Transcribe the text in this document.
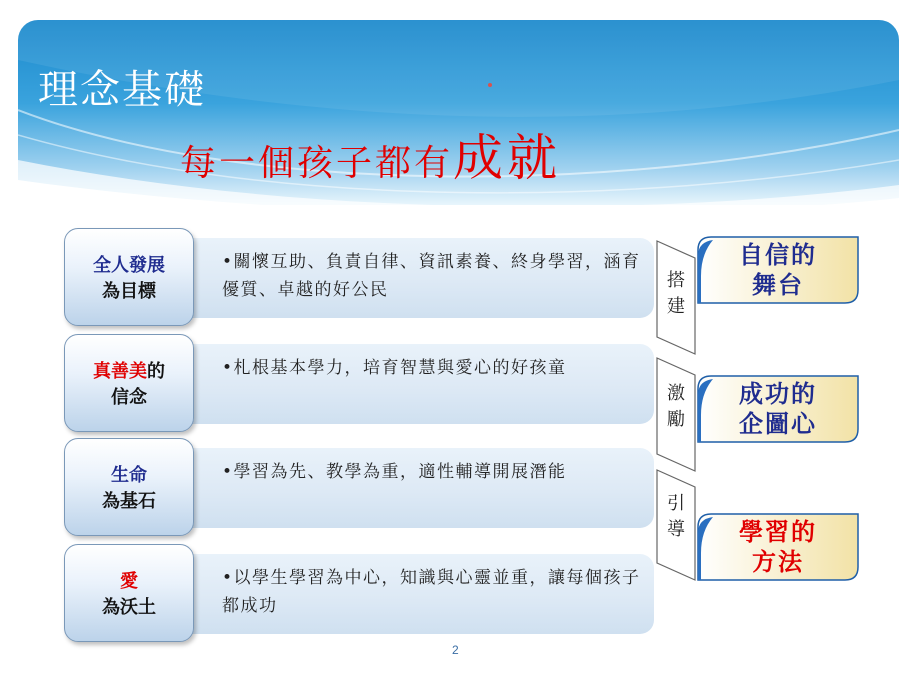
理念基礎
每一個孩子都有成就
•關懷互助、負責自律、資訊素養、終身學習，涵育優質、卓越的好公民
全人發展
為目標
•札根基本學力，培育智慧與愛心的好孩童
真善美的
信念
•學習為先、教學為重，適性輔導開展潛能
生命
為基石
•以學生學習為中心，知識與心靈並重，讓每個孩子都成功
愛
為沃土
搭
建
激
勵
引
導
自信的
舞台
成功的
企圖心
學習的
方法
2
